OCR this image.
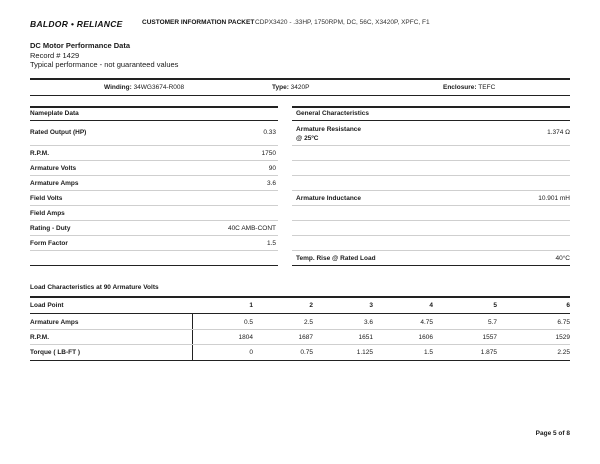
BALDOR • RELIANCE	CUSTOMER INFORMATION PACKET CDPX3420 - .33HP, 1750RPM, DC, 56C, X3420P, XPFC, F1
DC Motor Performance Data
Record # 1429
Typical performance - not guaranteed values
Winding: 34WG3674-R008	Type: 3420P	Enclosure: TEFC
Nameplate Data	General Characteristics
Rated Output (HP)	0.33
R.P.M.	1750
Armature Volts	90
Armature Amps	3.6
Field Volts
Field Amps
Rating - Duty	40C AMB-CONT
Form Factor	1.5
Armature Resistance
@ 25ºC
1.374 Ω
Armature Inductance	10.901 mH
Temp. Rise @ Rated Load	40°C
Load Characteristics at 90 Armature Volts
Load Point	1	2	3	4	5	6
Armature Amps	0.5	2.5	3.6	4.75	5.7	6.75
R.P.M.	1804	1687	1651	1606	1557	1529
Torque ( LB-FT )	0	0.75	1.125	1.5	1.875	2.25
Page 5 of 8
